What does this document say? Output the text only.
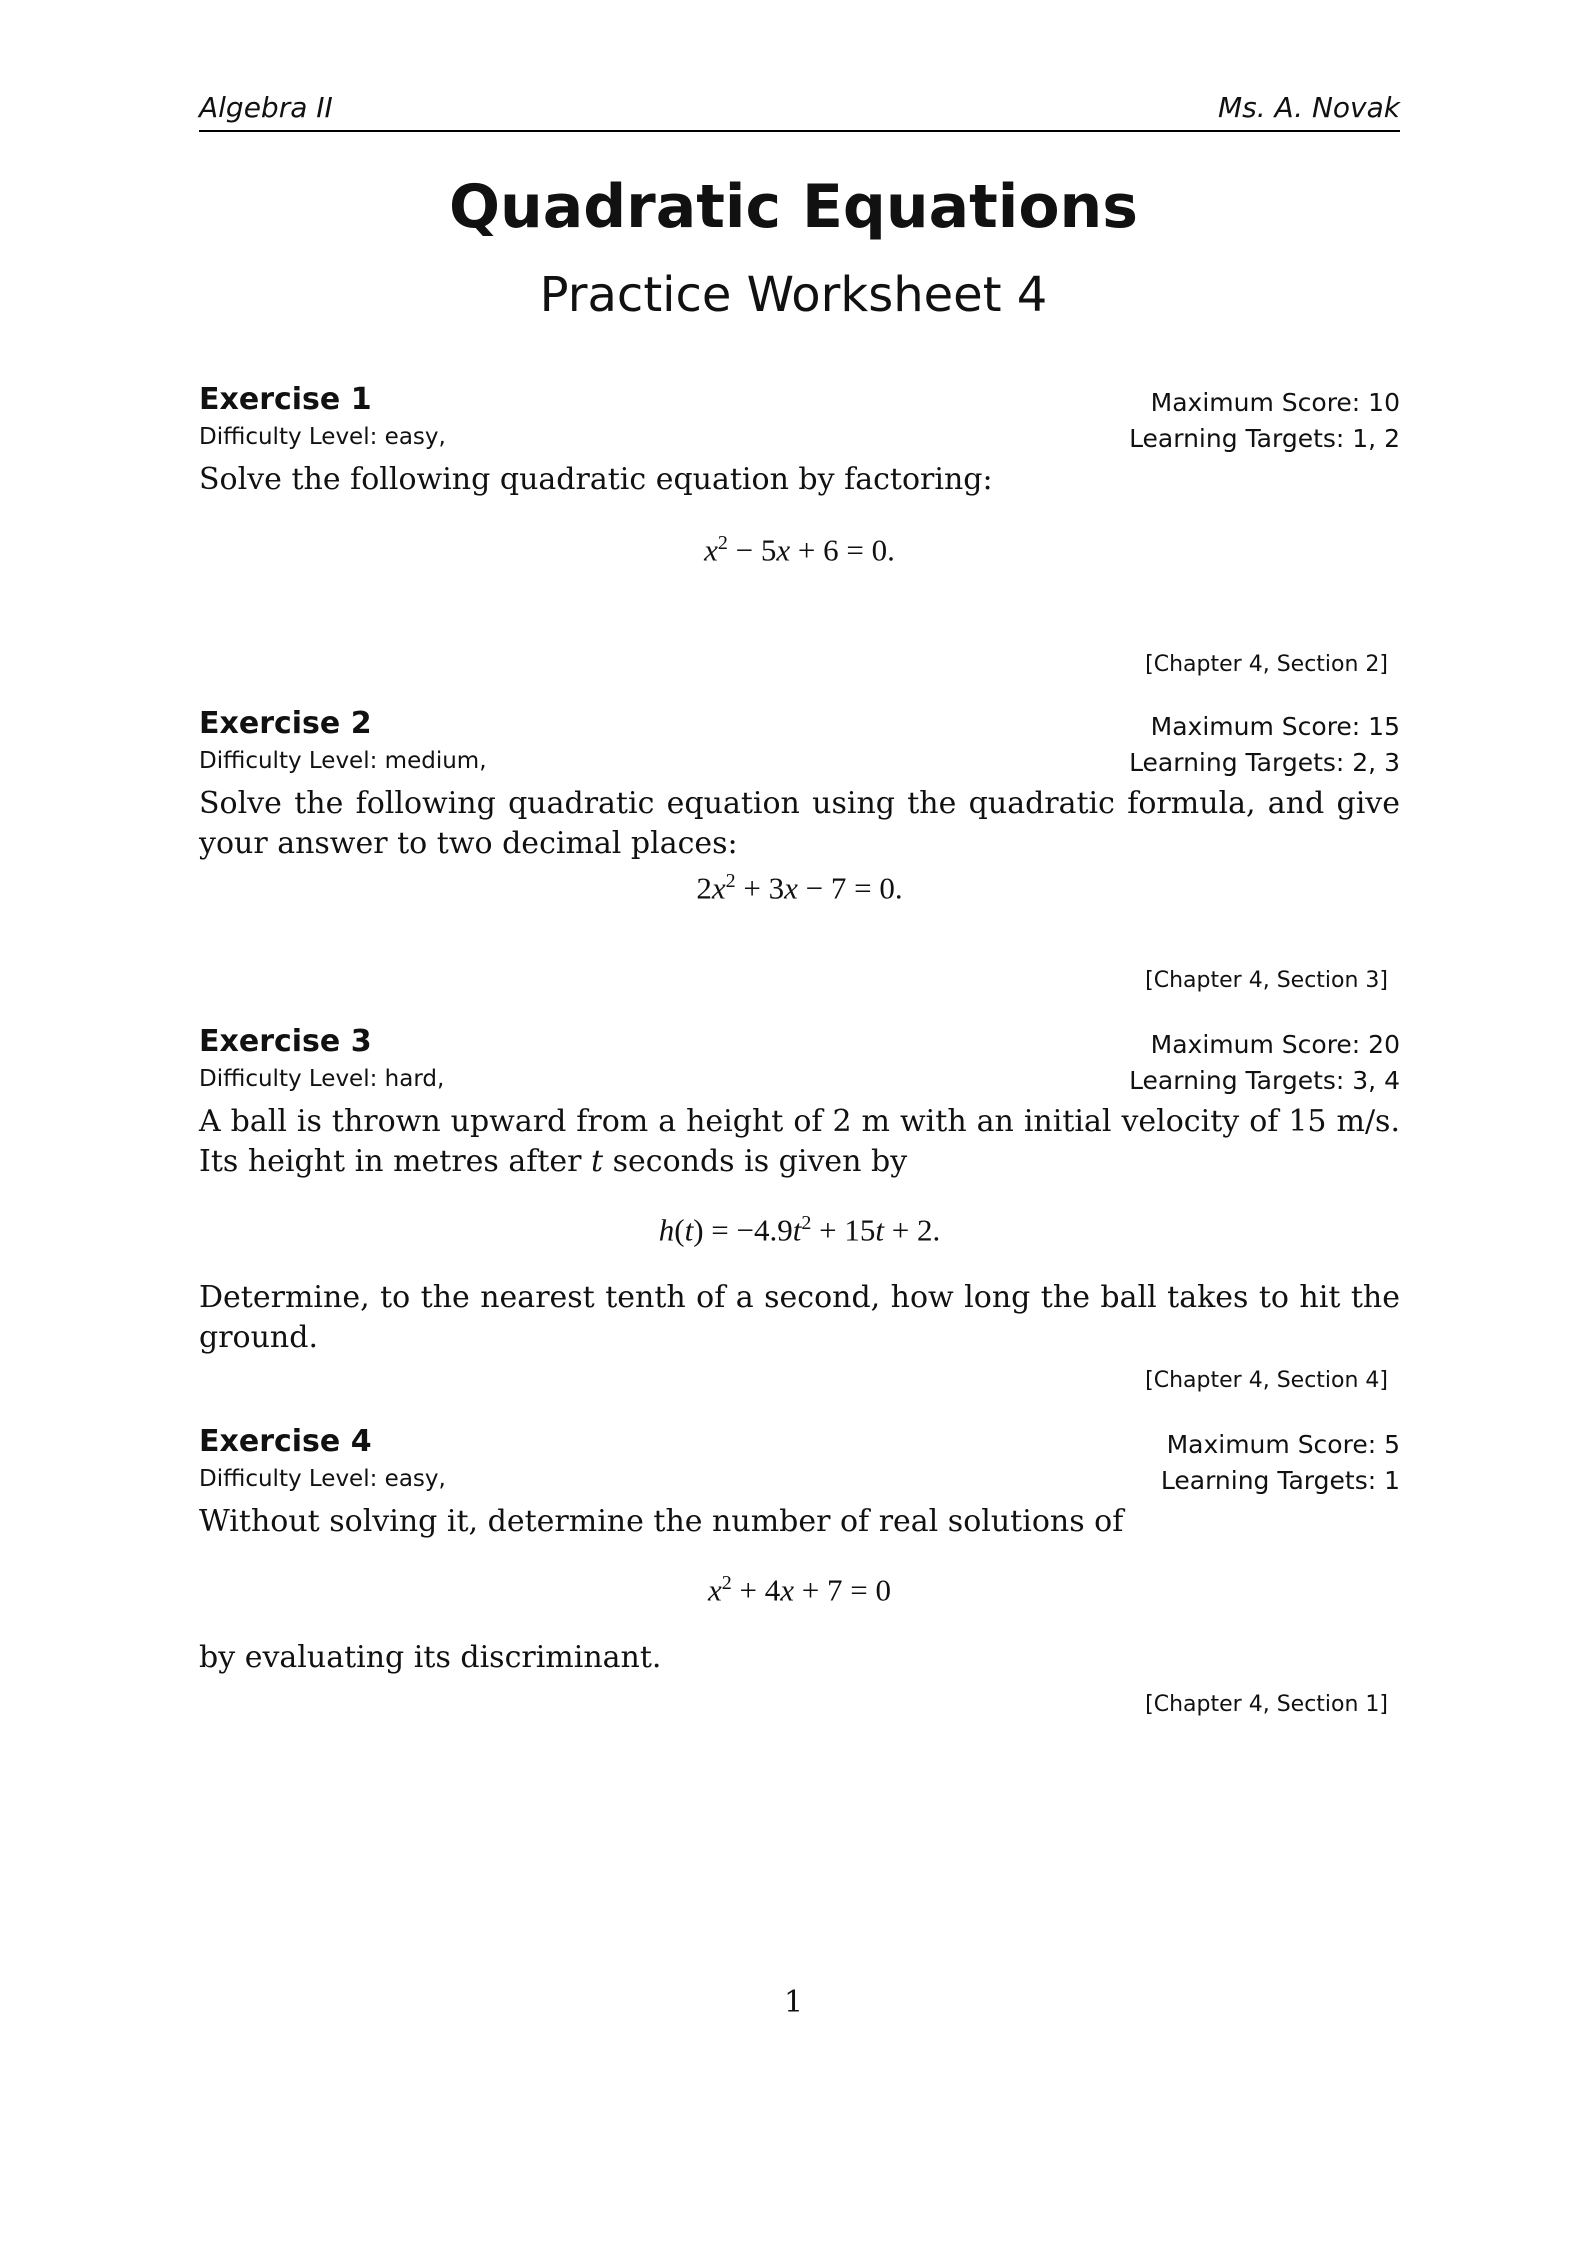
Algebra II	Ms. A. Novak
Quadratic Equations
Practice Worksheet 4
Exercise 1	Maximum Score: 10
Difficulty Level: easy,	Learning Targets: 1, 2
Solve the following quadratic equation by factoring:
$x^2 - 5x + 6 = 0$.
[Chapter 4, Section 2]
Exercise 2	Maximum Score: 15
Difficulty Level: medium,	Learning Targets: 2, 3
Solve the following quadratic equation using the quadratic formula, and give your answer to two decimal places:
$2x^2 + 3x - 7 = 0$.
[Chapter 4, Section 3]
Exercise 3	Maximum Score: 20
Difficulty Level: hard,	Learning Targets: 3, 4
A ball is thrown upward from a height of 2 m with an initial velocity of 15 m/s. Its height in metres after t seconds is given by
$h(t) = -4.9t^2 + 15t + 2$.
Determine, to the nearest tenth of a second, how long the ball takes to hit the ground.
[Chapter 4, Section 4]
Exercise 4	Maximum Score: 5
Difficulty Level: easy,	Learning Targets: 1
Without solving it, determine the number of real solutions of
$x^2 + 4x + 7 = 0$
by evaluating its discriminant.
[Chapter 4, Section 1]
1
